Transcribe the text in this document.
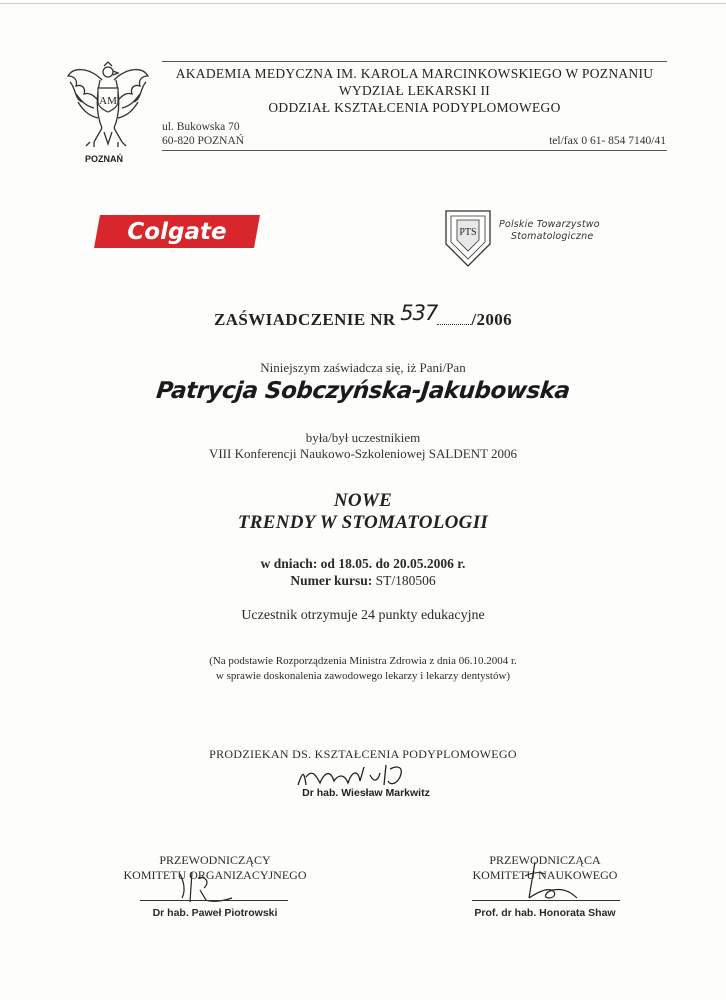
AM
POZNAŃ
AKADEMIA MEDYCZNA IM. KAROLA MARCINKOWSKIEGO W POZNANIU
WYDZIAŁ LEKARSKI II
ODDZIAŁ KSZTAŁCENIA PODYPLOMOWEGO
ul. Bukowska 70
60-820 POZNAŃ	tel/fax 0 61- 854 7140/41
Colgate	PTS
Polskie Towarzystwo
Stomatologiczne
ZAŚWIADCZENIE NR 537 /2006
Niniejszym zaświadcza się, iż Pani/Pan
Patrycja Sobczyńska-Jakubowska
była/był uczestnikiem
VIII Konferencji Naukowo-Szkoleniowej SALDENT 2006
NOWE
TRENDY W STOMATOLOGII
w dniach: od 18.05. do 20.05.2006 r.
Numer kursu: ST/180506
Uczestnik otrzymuje 24 punkty edukacyjne
(Na podstawie Rozporządzenia Ministra Zdrowia z dnia 06.10.2004 r.
w sprawie doskonalenia zawodowego lekarzy i lekarzy dentystów)
PRODZIEKAN DS. KSZTAŁCENIA PODYPLOMOWEGO
Dr hab. Wiesław Markwitz
PRZEWODNICZĄCY
KOMITETU ORGANIZACYJNEGO
Dr hab. Paweł Piotrowski
PRZEWODNICZĄCA
KOMITETU NAUKOWEGO
Prof. dr hab. Honorata Shaw
